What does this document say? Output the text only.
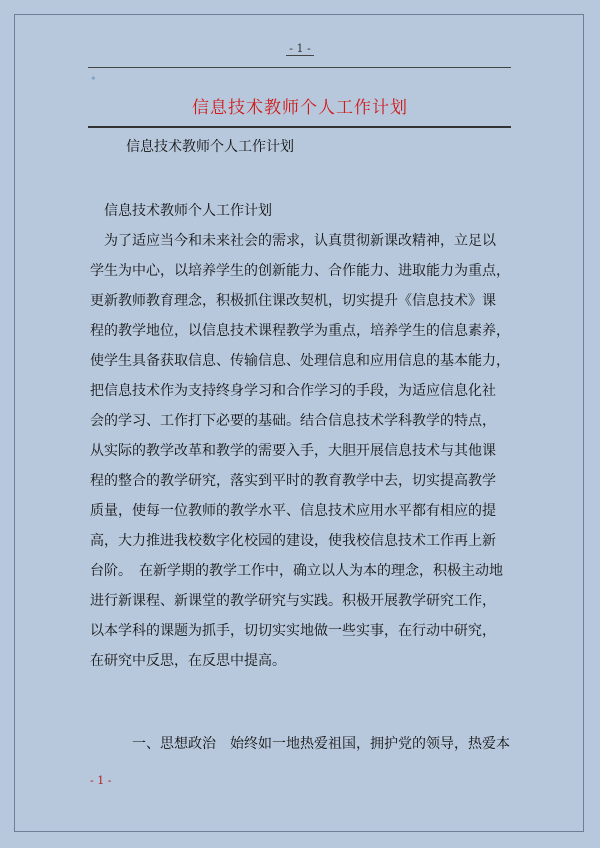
- 1 -
✦
信息技术教师个人工作计划
信息技术教师个人工作计划
信息技术教师个人工作计划
为了适应当今和未来社会的需求，认真贯彻新课改精神，立足以
学生为中心，以培养学生的创新能力、合作能力、进取能力为重点，
更新教师教育理念，积极抓住课改契机，切实提升《信息技术》课
程的教学地位，以信息技术课程教学为重点，培养学生的信息素养，
使学生具备获取信息、传输信息、处理信息和应用信息的基本能力，
把信息技术作为支持终身学习和合作学习的手段，为适应信息化社
会的学习、工作打下必要的基础。结合信息技术学科教学的特点，
从实际的教学改革和教学的需要入手，大胆开展信息技术与其他课
程的整合的教学研究，落实到平时的教育教学中去，切实提高教学
质量，使每一位教师的教学水平、信息技术应用水平都有相应的提
高，大力推进我校数字化校园的建设，使我校信息技术工作再上新
台阶。　在新学期的教学工作中，确立以人为本的理念，积极主动地
进行新课程、新课堂的教学研究与实践。积极开展教学研究工作，
以本学科的课题为抓手，切切实实地做一些实事，在行动中研究，
在研究中反思，在反思中提高。
一、思想政治　始终如一地热爱祖国，拥护党的领导，热爱本
- 1 -
